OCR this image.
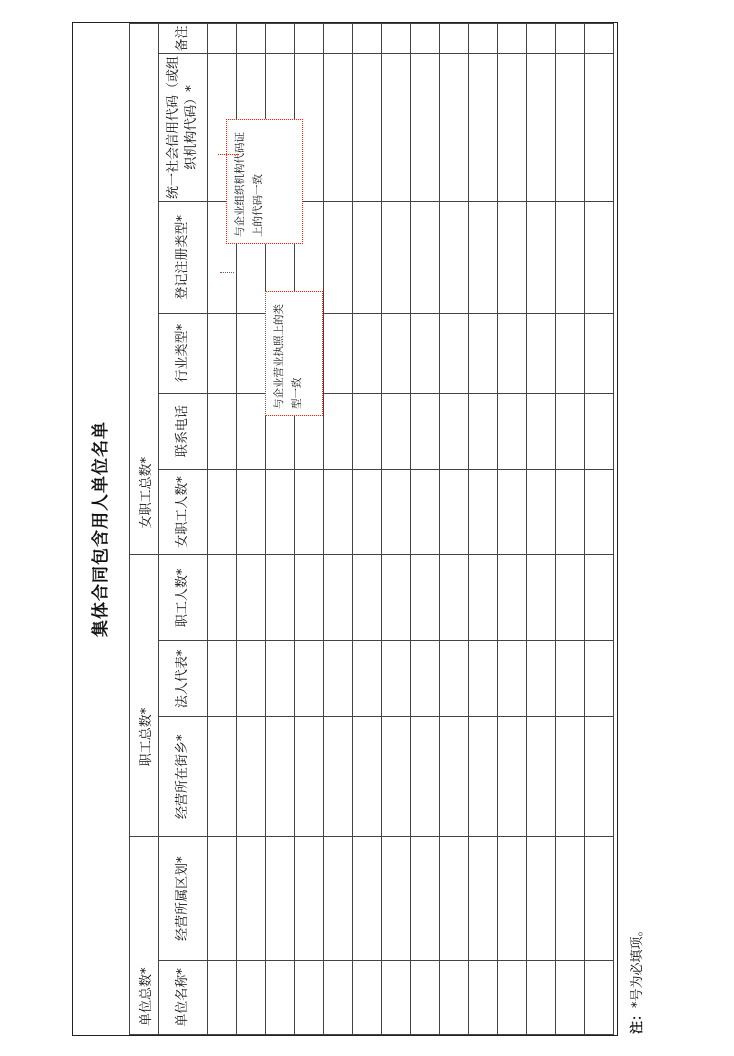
集体合同包含用人单位名单
单位总数*		职工总数*			女职工总数*					
单位名称*	经营所属区划*	经营所在街乡*	法人代表*	职工人数*	女职工人数*	联系电话	行业类型*	登记注册类型*	统一社会信用代码（或组织机构代码）*	备注

与企业组织机构代码证上的代码一致
与企业营业执照上的类型一致
注：*号为必填项。
